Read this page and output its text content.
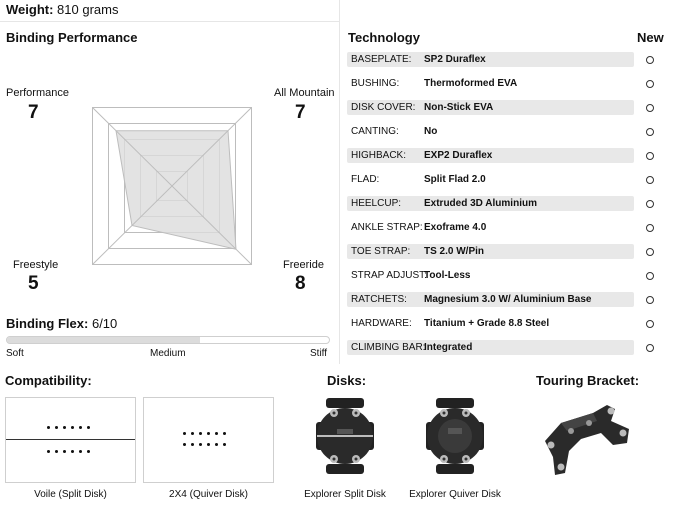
Weight: 810 grams
Binding Performance
Performance
7
All Mountain
7
Freestyle
5
Freeride
8
Binding Flex: 6/10
Soft	Medium	Stiff
Technology	New
BASEPLATE:	SP2 Duraflex
BUSHING:	Thermoformed EVA
DISK COVER: Non-Stick EVA
CANTING:	No
HIGHBACK:	EXP2 Duraflex
FLAD:	Split Flad 2.0
HEELCUP:	Extruded 3D Aluminium
ANKLE STRAP: Exoframe 4.0
TOE STRAP:	TS 2.0 W/Pin
STRAP ADJUST:
Tool-Less
RATCHETS:	Magnesium 3.0 W/ Aluminium Base
HARDWARE:	Titanium + Grade 8.8 Steel
CLIMBING BAR:
Integrated
Compatibility:
Voile (Split Disk)	2X4 (Quiver Disk)
Disks:
Explorer Split Disk	Explorer Quiver Disk
Touring Bracket:
